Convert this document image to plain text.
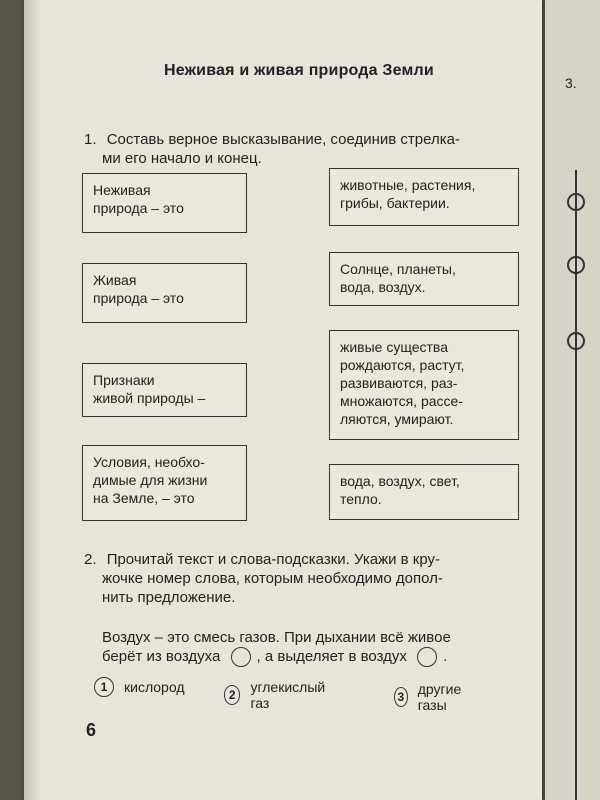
Неживая и живая природа Земли
1. Составь верное высказывание, соединив стрелка-
ми его начало и конец.
Неживая
природа – это
Живая
природа – это
Признаки
живой природы –
Условия, необхо-
димые для жизни
на Земле, – это
животные, растения,
грибы, бактерии.
Солнце, планеты,
вода, воздух.
живые существа
рождаются, растут,
развиваются, раз-
множаются, рассе-
ляются, умирают.
вода, воздух, свет,
тепло.
2. Прочитай текст и слова-подсказки. Укажи в кру-
жочке номер слова, которым необходимо допол-
нить предложение.
Воздух – это смесь газов. При дыхании всё живое
берёт из воздуха , а выделяет в воздух .
1	кислород	2	углекислый газ	3 другие газы
6
3.
